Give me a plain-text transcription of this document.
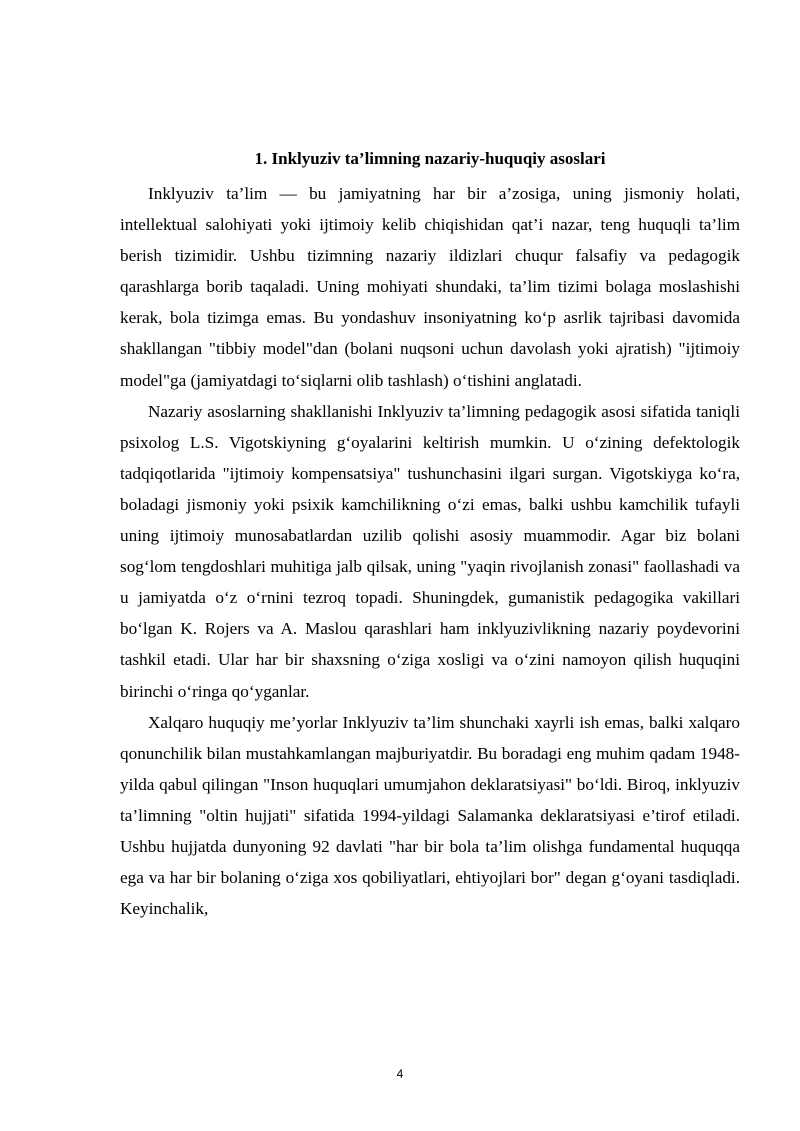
1. Inklyuziv ta’limning nazariy-huquqiy asoslari

Inklyuziv ta’lim — bu jamiyatning har bir a’zosiga, uning jismoniy holati, intellektual salohiyati yoki ijtimoiy kelib chiqishidan qat’i nazar, teng huquqli ta’lim berish tizimidir. Ushbu tizimning nazariy ildizlari chuqur falsafiy va pedagogik qarashlarga borib taqaladi. Uning mohiyati shundaki, ta’lim tizimi bolaga moslashishi kerak, bola tizimga emas. Bu yondashuv insoniyatning ko‘p asrlik tajribasi davomida shakllangan "tibbiy model"dan (bolani nuqsoni uchun davolash yoki ajratish) "ijtimoiy model"ga (jamiyatdagi to‘siqlarni olib tashlash) o‘tishini anglatadi.

Nazariy asoslarning shakllanishi Inklyuziv ta’limning pedagogik asosi sifatida taniqli psixolog L.S. Vigotskiyning g‘oyalarini keltirish mumkin. U o‘zining defektologik tadqiqotlarida "ijtimoiy kompensatsiya" tushunchasini ilgari surgan. Vigotskiyga ko‘ra, boladagi jismoniy yoki psixik kamchilikning o‘zi emas, balki ushbu kamchilik tufayli uning ijtimoiy munosabatlardan uzilib qolishi asosiy muammodir. Agar biz bolani sog‘lom tengdoshlari muhitiga jalb qilsak, uning "yaqin rivojlanish zonasi" faollashadi va u jamiyatda o‘z o‘rnini tezroq topadi. Shuningdek, gumanistik pedagogika vakillari bo‘lgan K. Rojers va A. Maslou qarashlari ham inklyuzivlikning nazariy poydevorini tashkil etadi. Ular har bir shaxsning o‘ziga xosligi va o‘zini namoyon qilish huquqini birinchi o‘ringa qo‘yganlar.

Xalqaro huquqiy me’yorlar Inklyuziv ta’lim shunchaki xayrli ish emas, balki xalqaro qonunchilik bilan mustahkamlangan majburiyatdir. Bu boradagi eng muhim qadam 1948-yilda qabul qilingan "Inson huquqlari umumjahon deklaratsiyasi" bo‘ldi. Biroq, inklyuziv ta’limning "oltin hujjati" sifatida 1994-yildagi Salamanka deklaratsiyasi e’tirof etiladi. Ushbu hujjatda dunyoning 92 davlati "har bir bola ta’lim olishga fundamental huquqqa ega va har bir bolaning o‘ziga xos qobiliyatlari, ehtiyojlari bor" degan g‘oyani tasdiqladi. Keyinchalik,

4
